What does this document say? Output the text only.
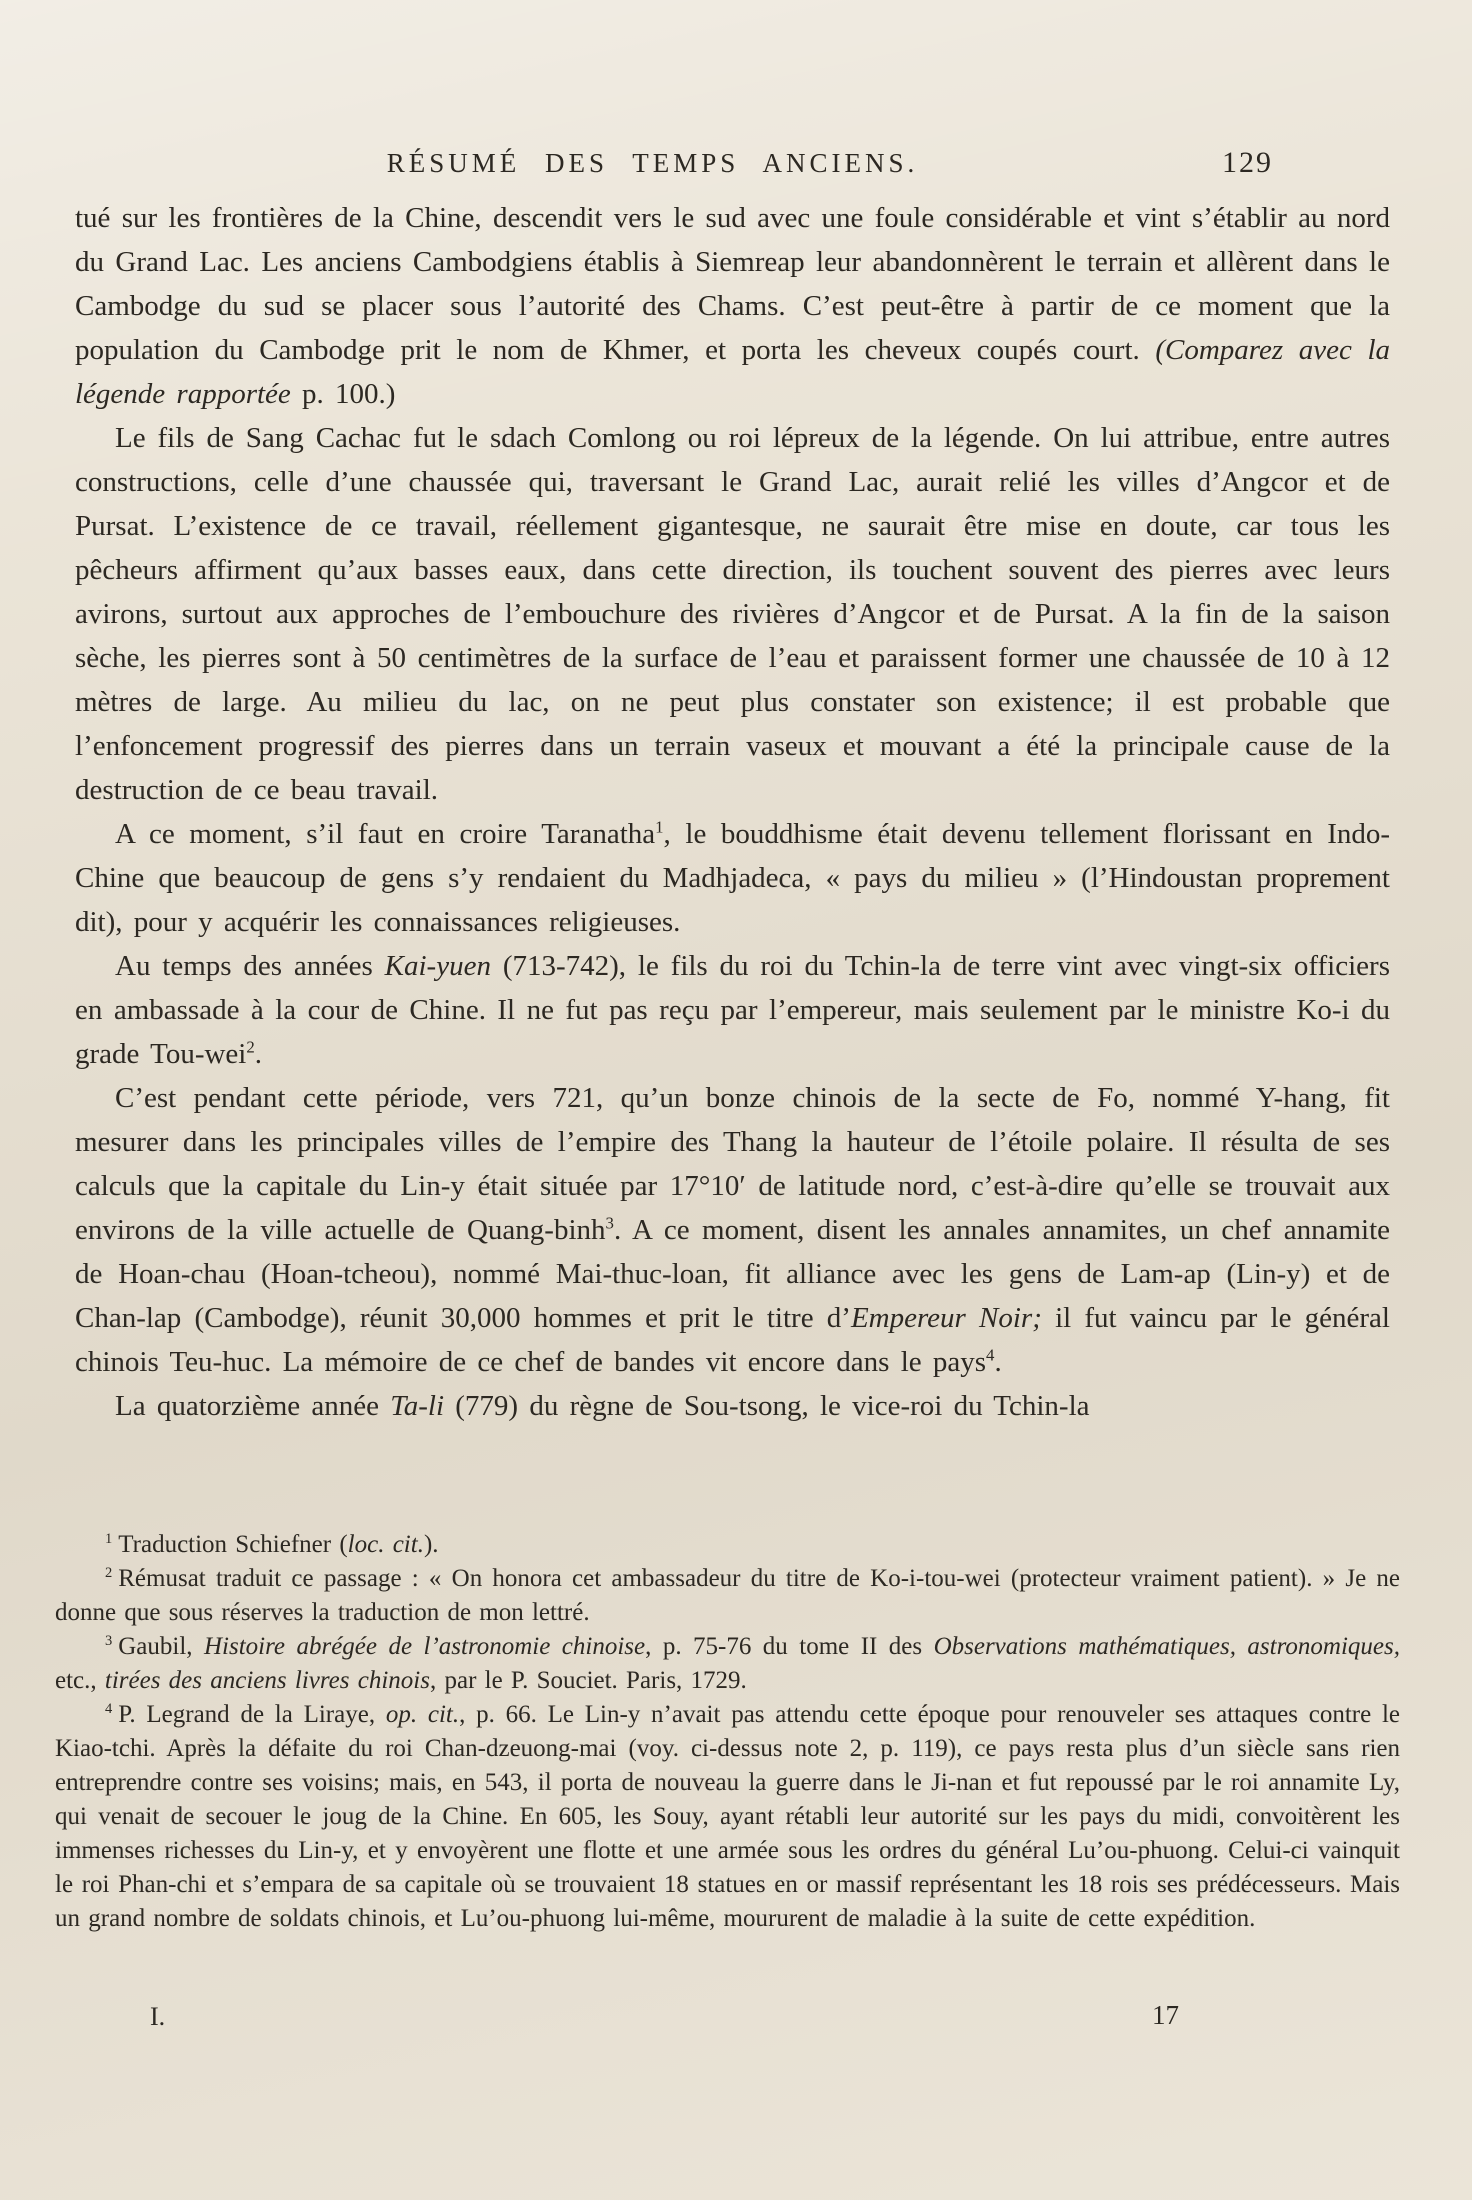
RÉSUMÉ DES TEMPS ANCIENS.	129

tué sur les frontières de la Chine, descendit vers le sud avec une foule considérable et vint s’établir au nord du Grand Lac. Les anciens Cambodgiens établis à Siemreap leur abandonnèrent le terrain et allèrent dans le Cambodge du sud se placer sous l’autorité des Chams. C’est peut-être à partir de ce moment que la population du Cambodge prit le nom de Khmer, et porta les cheveux coupés court. (Comparez avec la légende rapportée p. 100.)

Le fils de Sang Cachac fut le sdach Comlong ou roi lépreux de la légende. On lui attribue, entre autres constructions, celle d’une chaussée qui, traversant le Grand Lac, aurait relié les villes d’Angcor et de Pursat. L’existence de ce travail, réellement gigantesque, ne saurait être mise en doute, car tous les pêcheurs affirment qu’aux basses eaux, dans cette direction, ils touchent souvent des pierres avec leurs avirons, surtout aux approches de l’embouchure des rivières d’Angcor et de Pursat. A la fin de la saison sèche, les pierres sont à 50 centimètres de la surface de l’eau et paraissent former une chaussée de 10 à 12 mètres de large. Au milieu du lac, on ne peut plus constater son existence; il est probable que l’enfoncement progressif des pierres dans un terrain vaseux et mouvant a été la principale cause de la destruction de ce beau travail.

A ce moment, s’il faut en croire Taranatha$^1$, le bouddhisme était devenu tellement florissant en Indo-Chine que beaucoup de gens s’y rendaient du Madhjadeca, « pays du milieu » (l’Hindoustan proprement dit), pour y acquérir les connaissances religieuses.

Au temps des années Kai-yuen (713-742), le fils du roi du Tchin-la de terre vint avec vingt-six officiers en ambassade à la cour de Chine. Il ne fut pas reçu par l’empereur, mais seulement par le ministre Ko-i du grade Tou-wei$^2$.

C’est pendant cette période, vers 721, qu’un bonze chinois de la secte de Fo, nommé Y-hang, fit mesurer dans les principales villes de l’empire des Thang la hauteur de l’étoile polaire. Il résulta de ses calculs que la capitale du Lin-y était située par 17°10′ de latitude nord, c’est-à-dire qu’elle se trouvait aux environs de la ville actuelle de Quang-binh$^3$. A ce moment, disent les annales annamites, un chef annamite de Hoan-chau (Hoan-tcheou), nommé Mai-thuc-loan, fit alliance avec les gens de Lam-ap (Lin-y) et de Chan-lap (Cambodge), réunit 30,000 hommes et prit le titre d’Empereur Noir; il fut vaincu par le général chinois Teu-huc. La mémoire de ce chef de bandes vit encore dans le pays$^4$.

La quatorzième année Ta-li (779) du règne de Sou-tsong, le vice-roi du Tchin-la

$^1$ Traduction Schiefner (loc. cit.).

$^2$ Rémusat traduit ce passage : « On honora cet ambassadeur du titre de Ko-i-tou-wei (protecteur vraiment patient). » Je ne donne que sous réserves la traduction de mon lettré.

$^3$ Gaubil, Histoire abrégée de l’astronomie chinoise, p. 75-76 du tome II des Observations mathématiques, astronomiques, etc., tirées des anciens livres chinois, par le P. Souciet. Paris, 1729.

$^4$ P. Legrand de la Liraye, op. cit., p. 66. Le Lin-y n’avait pas attendu cette époque pour renouveler ses attaques contre le Kiao-tchi. Après la défaite du roi Chan-dzeuong-mai (voy. ci-dessus note 2, p. 119), ce pays resta plus d’un siècle sans rien entreprendre contre ses voisins; mais, en 543, il porta de nouveau la guerre dans le Ji-nan et fut repoussé par le roi annamite Ly, qui venait de secouer le joug de la Chine. En 605, les Souy, ayant rétabli leur autorité sur les pays du midi, convoitèrent les immenses richesses du Lin-y, et y envoyèrent une flotte et une armée sous les ordres du général Lu’ou-phuong. Celui-ci vainquit le roi Phan-chi et s’empara de sa capitale où se trouvaient 18 statues en or massif représentant les 18 rois ses prédécesseurs. Mais un grand nombre de soldats chinois, et Lu’ou-phuong lui-même, moururent de maladie à la suite de cette expédition.

I.	17
